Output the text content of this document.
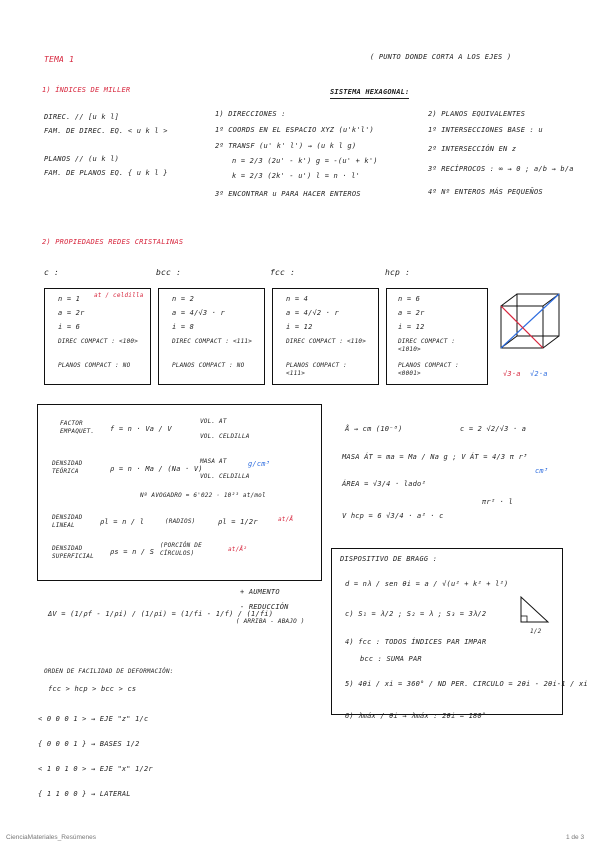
TEMA 1	( PUNTO DONDE CORTA A LOS EJES )
1) ÍNDICES DE MILLER
DIREC. // [u k l]
FAM. DE DIREC. EQ. < u k l >
PLANOS // (u k l)
FAM. DE PLANOS EQ. { u k l }
SISTEMA HEXAGONAL:
1) DIRECCIONES :
1º COORDS EN EL ESPACIO XYZ (u'k'l')
2º TRANSF (u' k' l') → (u k l g)
n = 2/3 (2u' - k') g = -(u' + k')
k = 2/3 (2k' - u') l = n · l'
3º ENCONTRAR u PARA HACER ENTEROS
2) PLANOS EQUIVALENTES
1º INTERSECCIONES BASE : u
2º INTERSECCIÓN EN z
3º RECÍPROCOS : ∞ → 0 ; a/b → b/a
4º Nº ENTEROS MÁS PEQUEÑOS
2) PROPIEDADES REDES CRISTALINAS
c :	bcc :	fcc :	hcp :
n = 1 at / celdilla
a = 2r
i = 6
DIREC COMPACT : <100>
PLANOS COMPACT : NO
n = 2
a = 4/√3 · r
i = 8
DIREC COMPACT : <111>
PLANOS COMPACT : NO
n = 4
a = 4/√2 · r
i = 12
DIREC COMPACT : <110>
PLANOS COMPACT : <111>
n = 6
a = 2r
i = 12
DIREC COMPACT : <1010>
PLANOS COMPACT : <0001>	√3·a √2·a
FACTOR EMPAQUET.	f = n · Va / V
VOL. AT
VOL. CELDILLA
DENSIDAD TEÓRICA	ρ = n · Ma / (Na · V)
MASA AT
VOL. CELDILLA
g/cm³
Nº AVOGADRO = 6'022 · 10²³ at/mol
DENSIDAD LINEAL	ρl = n / l	(RADIOS)	ρl = 1/2r	at/Å
DENSIDAD SUPERFICIAL
ρs = n / S
(PORCIÓN DE CÍRCULOS)
at/Å²
Å → cm (10⁻⁸)	c = 2 √2/√3 · a
MASA ÁT = ma = Ma / Na g ; V ÁT = 4/3 π r³
cm³
ÁREA = √3/4 · lado²
πr² · l
V hcp = 6 √3/4 · a² · c
DISPOSITIVO DE BRAGG :
d = nλ / sen θi = a / √(u² + k² + l²)
c) S₁ = λ/2 ; S₂ = λ ; S₃ = 3λ/2
1/2
4) fcc : TODOS ÍNDICES PAR IMPAR
bcc : SUMA PAR
5) 4θi / xi = 360° / ND PER. CIRCULO = 2θi - 2θi-1 / xi
6) λmáx / θi → λmáx : 2θi = 180°
ΔV = (1/ρf - 1/ρi) / (1/ρi) = (1/fi - 1/f) / (1/fi)
+ AUMENTO
- REDUCCIÓN
( ARRIBA - ABAJO )
ORDEN DE FACILIDAD DE DEFORMACIÓN:
fcc > hcp > bcc > cs
< 0 0 0 1 > → EJE "z" 1/c
{ 0 0 0 1 } → BASES 1/2
< 1 0 1 0 > → EJE "x" 1/2r
{ 1 1 0 0 } → LATERAL
CienciaMateriales_Resúmenes	1 de 3
